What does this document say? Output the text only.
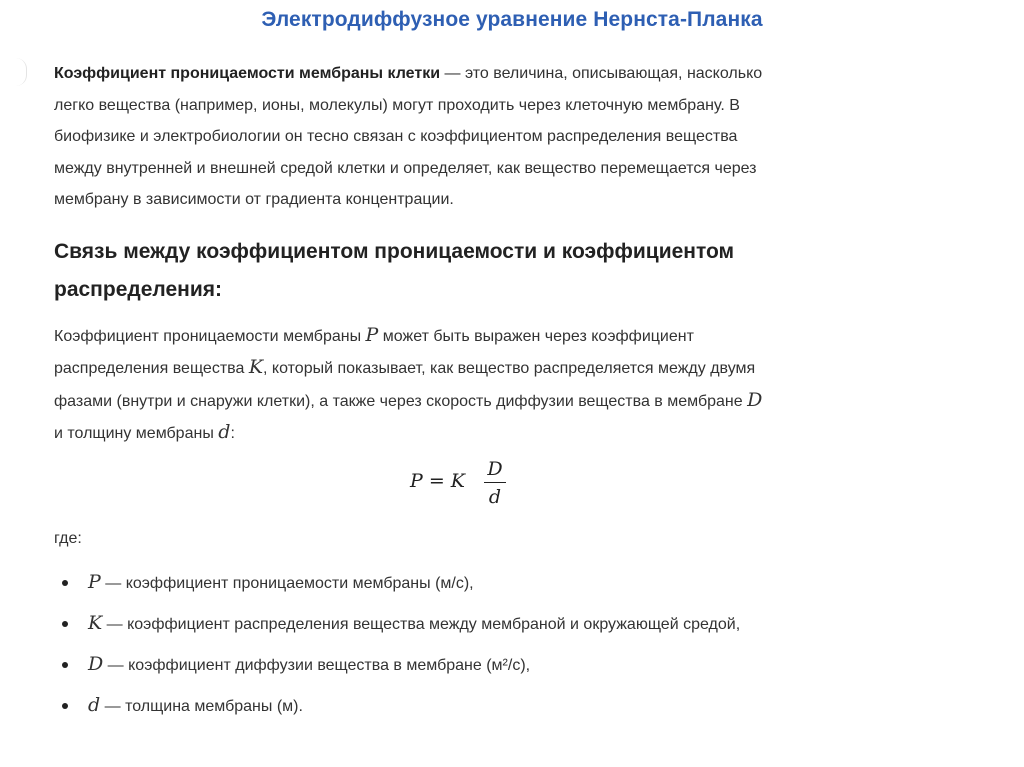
Электродиффузное уравнение Нернста-Планка

Коэффициент проницаемости мембраны клетки — это величина, описывающая, насколько
легко вещества (например, ионы, молекулы) могут проходить через клеточную мембрану. В
биофизике и электробиологии он тесно связан с коэффициентом распределения вещества
между внутренней и внешней средой клетки и определяет, как вещество перемещается через
мембрану в зависимости от градиента концентрации.

Связь между коэффициентом проницаемости и коэффициентом
распределения:

Коэффициент проницаемости мембраны P может быть выражен через коэффициент
распределения вещества K, который показывает, как вещество распределяется между двумя
фазами (внутри и снаружи клетки), а также через скорость диффузии вещества в мембране D
и толщину мембраны d:

P = K
D
d
где:
P — коэффициент проницаемости мембраны (м/с),
K — коэффициент распределения вещества между мембраной и окружающей средой,
D — коэффициент диффузии вещества в мембране (м²/с),
d — толщина мембраны (м).
